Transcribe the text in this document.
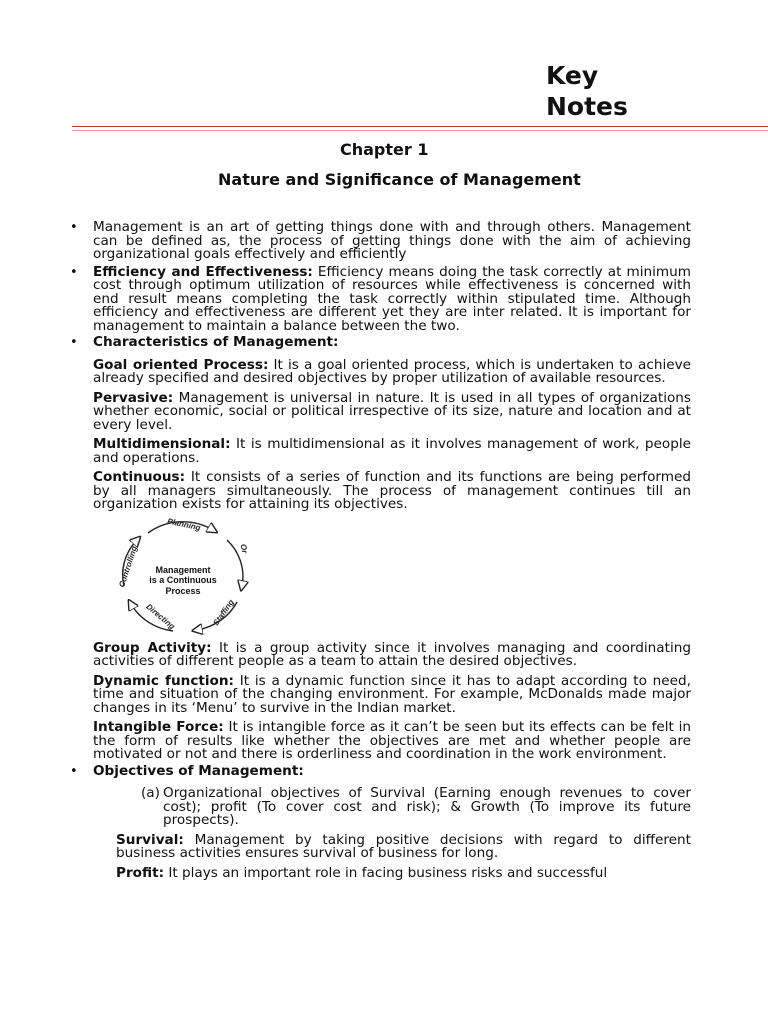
Key
Notes
Chapter 1
Nature and Significance of Management

• Management is an art of getting things done with and through others. Management can be defined as, the process of getting things done with the aim of achieving organizational goals effectively and efficiently

• Efficiency and Effectiveness: Efficiency means doing the task correctly at minimum cost through optimum utilization of resources while effectiveness is concerned with end result means completing the task correctly within stipulated time. Although efficiency and effectiveness are different yet they are inter related. It is important for management to maintain a balance between the two.

• Characteristics of Management:

Goal oriented Process: It is a goal oriented process, which is undertaken to achieve already specified and desired objectives by proper utilization of available resources.

Pervasive: Management is universal in nature. It is used in all types of organizations whether economic, social or political irrespective of its size, nature and location and at every level.

Multidimensional: It is multidimensional as it involves management of work, people and operations.

Continuous: It consists of a series of function and its functions are being performed by all managers simultaneously. The process of management continues till an organization exists for attaining its objectives.

Planning
Or
Staffing
Directing
Controlling	Management
is a Continuous
Process

Group Activity: It is a group activity since it involves managing and coordinating activities of different people as a team to attain the desired objectives.

Dynamic function: It is a dynamic function since it has to adapt according to need, time and situation of the changing environment. For example, McDonalds made major changes in its ‘Menu’ to survive in the Indian market.

Intangible Force: It is intangible force as it can’t be seen but its effects can be felt in the form of results like whether the objectives are met and whether people are motivated or not and there is orderliness and coordination in the work environment.

• Objectives of Management:

(a) Organizational objectives of Survival (Earning enough revenues to cover cost); profit (To cover cost and risk); & Growth (To improve its future prospects).

Survival: Management by taking positive decisions with regard to different business activities ensures survival of business for long.

Profit: It plays an important role in facing business risks and successful
